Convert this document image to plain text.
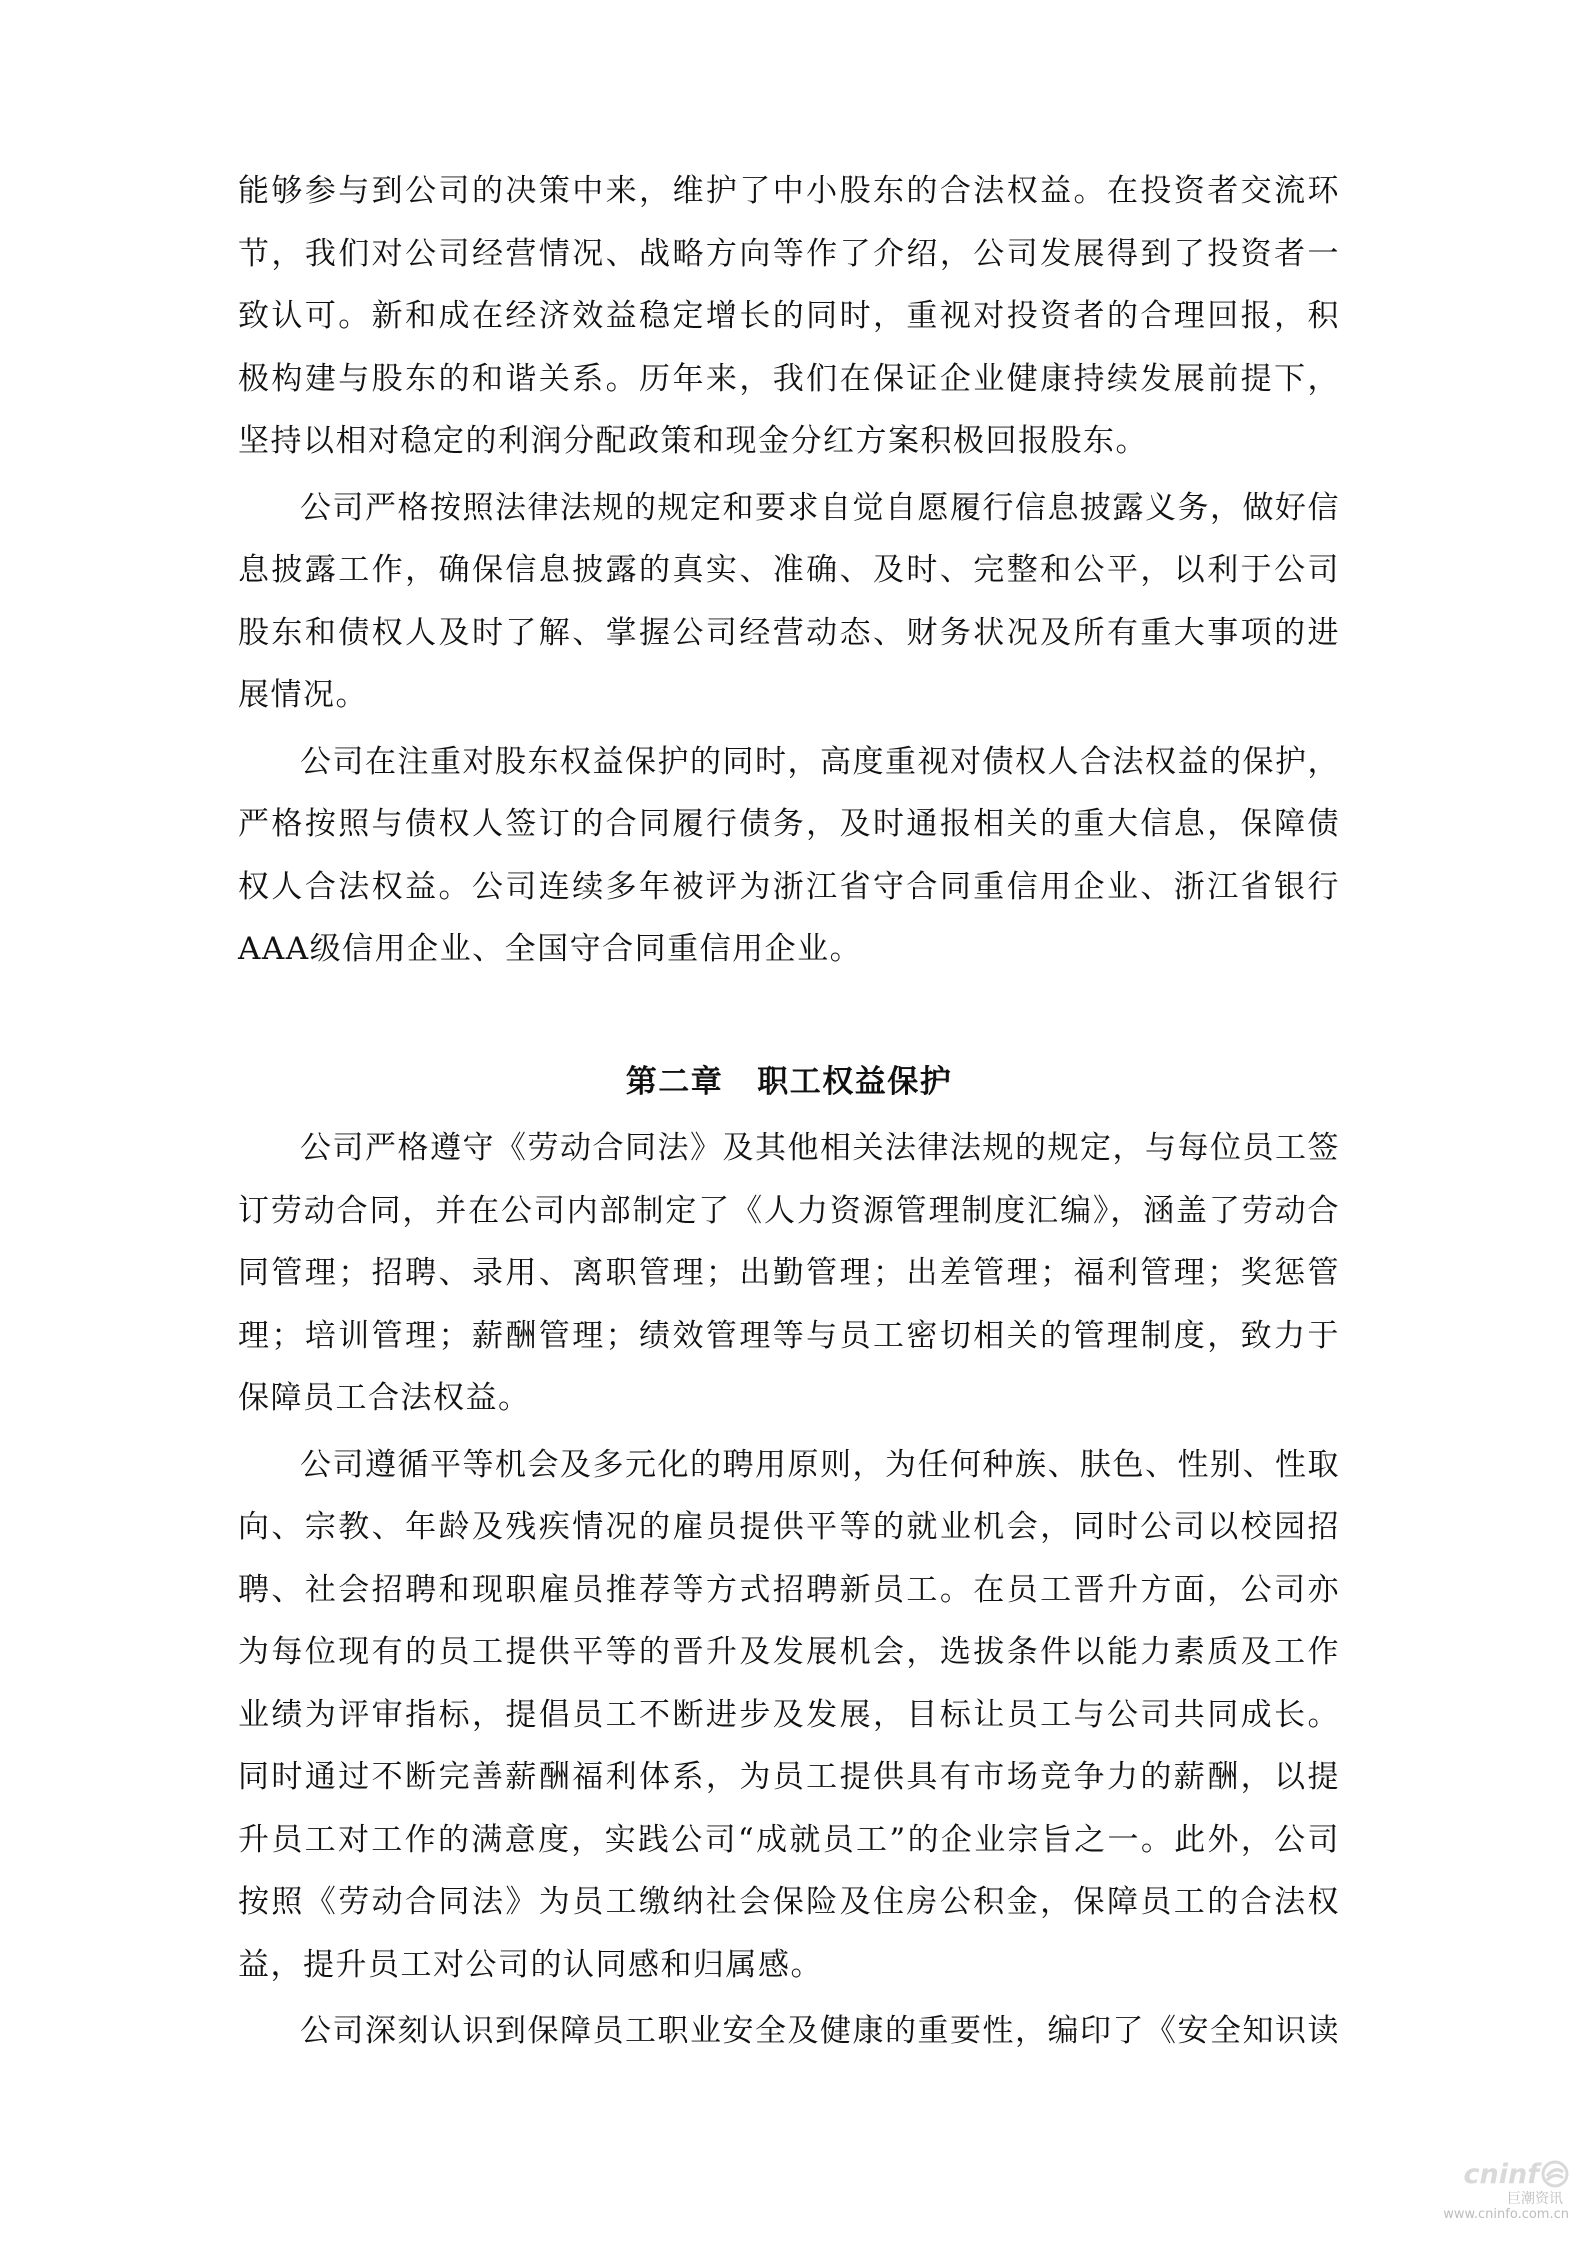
能够参与到公司的决策中来，维护了中小股东的合法权益。在投资者交流环节，我们对公司经营情况、战略方向等作了介绍，公司发展得到了投资者一致认可。新和成在经济效益稳定增长的同时，重视对投资者的合理回报，积极构建与股东的和谐关系。历年来，我们在保证企业健康持续发展前提下，坚持以相对稳定的利润分配政策和现金分红方案积极回报股东。

公司严格按照法律法规的规定和要求自觉自愿履行信息披露义务，做好信息披露工作，确保信息披露的真实、准确、及时、完整和公平，以利于公司股东和债权人及时了解、掌握公司经营动态、财务状况及所有重大事项的进展情况。

公司在注重对股东权益保护的同时，高度重视对债权人合法权益的保护，严格按照与债权人签订的合同履行债务，及时通报相关的重大信息，保障债权人合法权益。公司连续多年被评为浙江省守合同重信用企业、浙江省银行AAA级信用企业、全国守合同重信用企业。

第二章 职工权益保护

公司严格遵守《劳动合同法》及其他相关法律法规的规定，与每位员工签订劳动合同，并在公司内部制定了《人力资源管理制度汇编》，涵盖了劳动合同管理；招聘、录用、离职管理；出勤管理；出差管理；福利管理；奖惩管理；培训管理；薪酬管理；绩效管理等与员工密切相关的管理制度，致力于保障员工合法权益。

公司遵循平等机会及多元化的聘用原则，为任何种族、肤色、性别、性取向、宗教、年龄及残疾情况的雇员提供平等的就业机会，同时公司以校园招聘、社会招聘和现职雇员推荐等方式招聘新员工。在员工晋升方面，公司亦为每位现有的员工提供平等的晋升及发展机会，选拔条件以能力素质及工作业绩为评审指标，提倡员工不断进步及发展，目标让员工与公司共同成长。同时通过不断完善薪酬福利体系，为员工提供具有市场竞争力的薪酬，以提升员工对工作的满意度，实践公司“成就员工”的企业宗旨之一。此外，公司按照《劳动合同法》为员工缴纳社会保险及住房公积金，保障员工的合法权益，提升员工对公司的认同感和归属感。

公司深刻认识到保障员工职业安全及健康的重要性，编印了《安全知识读

cninf
巨潮资讯
www.cninfo.com.cn
